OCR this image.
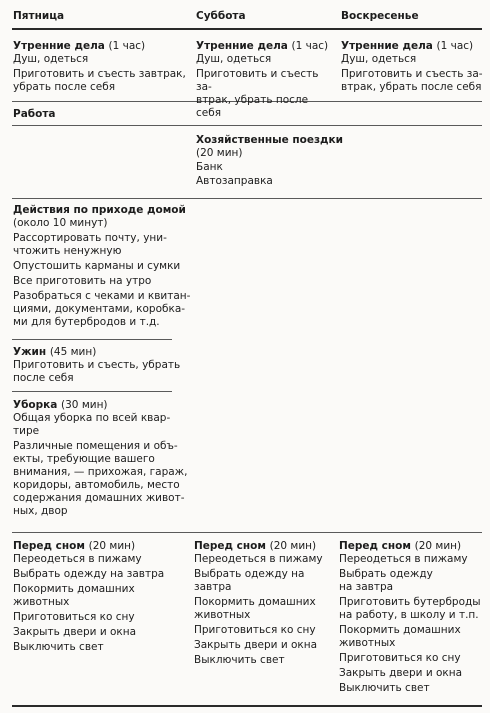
Пятница	Суббота	Воскресенье
Утренние дела (1 час)
Душ, одеться
Приготовить и съесть завтрак,
убрать после себя
Утренние дела (1 час)
Душ, одеться
Приготовить и съесть за-
втрак, убрать после себя
Утренние дела (1 час)
Душ, одеться
Приготовить и съесть за-
втрак, убрать после себя
Работа
Хозяйственные поездки
(20 мин)
Банк
Автозаправка
Действия по приходе домой
(около 10 минут)
Рассортировать почту, уни-
чтожить ненужную
Опустошить карманы и сумки
Все приготовить на утро
Разобраться с чеками и квитан-
циями, документами, коробка-
ми для бутербродов и т.д.
Ужин (45 мин)
Приготовить и съесть, убрать
после себя
Уборка (30 мин)
Общая уборка по всей квар-
тире
Различные помещения и объ-
екты, требующие вашего
внимания, — прихожая, гараж,
коридоры, автомобиль, место
содержания домашних живот-
ных, двор
Перед сном (20 мин)
Переодеться в пижаму
Выбрать одежду на завтра
Покормить домашних животных
Приготовиться ко сну
Закрыть двери и окна
Выключить свет
Перед сном (20 мин)
Переодеться в пижаму
Выбрать одежду на
завтра
Покормить домашних
животных
Приготовиться ко сну
Закрыть двери и окна
Выключить свет
Перед сном (20 мин)
Переодеться в пижаму
Выбрать одежду
на завтра
Приготовить бутерброды
на работу, в школу и т.п.
Покормить домашних
животных
Приготовиться ко сну
Закрыть двери и окна
Выключить свет
